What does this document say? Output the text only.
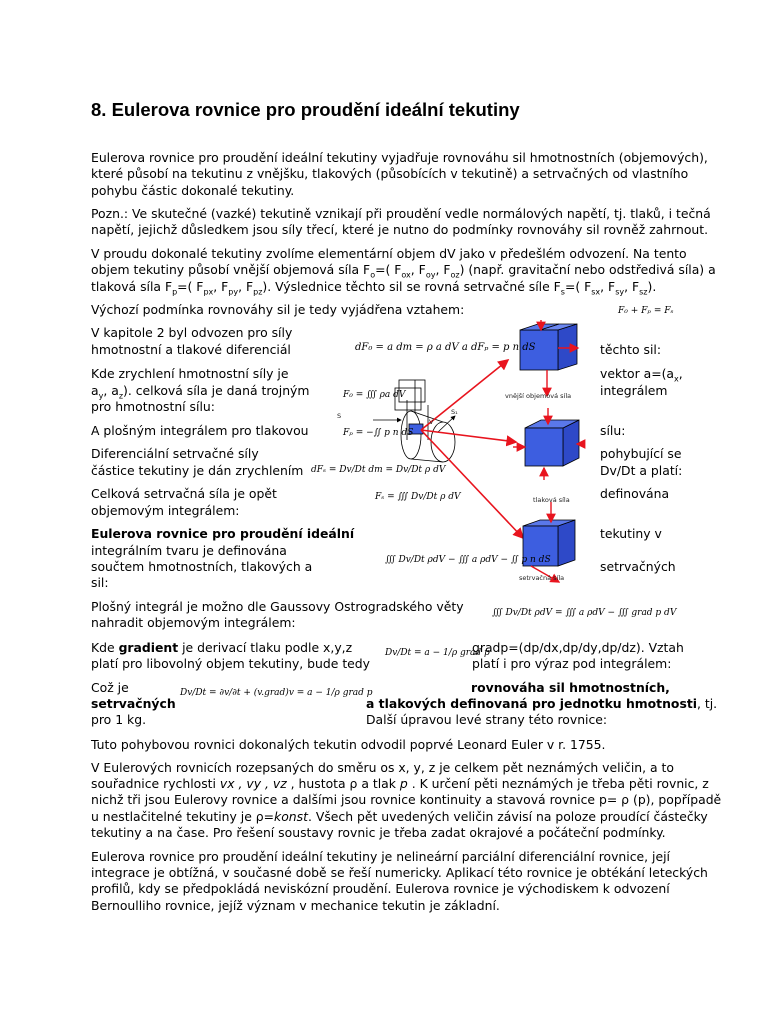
8. Eulerova rovnice pro proudění ideální tekutiny
Eulerova rovnice pro proudění ideální tekutiny vyjadřuje rovnováhu sil hmotnostních (objemových),
které působí na tekutinu z vnějšku, tlakových (působících v tekutině) a setrvačných od vlastního
pohybu částic dokonalé tekutiny.
Pozn.: Ve skutečné (vazké) tekutině vznikají při proudění vedle normálových napětí, tj. tlaků, i tečná
napětí, jejichž důsledkem jsou síly třecí, které je nutno do podmínky rovnováhy sil rovněž zahrnout.
V proudu dokonalé tekutiny zvolíme elementární objem dV jako v předešlém odvození. Na tento
objem tekutiny působí vnější objemová síla $F_o=$( $F_{ox}$, $F_{oy}$, $F_{oz}$) (např. gravitační nebo odstředivá síla) a
tlaková síla $F_p=$( $F_{px}$, $F_{py}$, $F_{pz}$). Výslednice těchto sil se rovná setrvačné síle $F_s=$( $F_{sx}$, $F_{sy}$, $F_{sz}$).
Výchozí podmínka rovnováhy sil je tedy vyjádřena vztahem:	F₀ + Fₚ = Fₛ
V kapitole 2 byl odvozen pro síly
hmotnostní a tlakové diferenciál
Kde zrychlení hmotnostní síly je
$a_y$, $a_z$). celková síla je daná trojným
pro hmotnostní sílu:
A plošným integrálem pro tlakovou
Diferenciální setrvačné síly
částice tekutiny je dán zrychlením
Celková setrvačná síla je opět
objemovým integrálem:
Eulerova rovnice pro proudění ideální
integrálním tvaru je definována
součtem hmotnostních, tlakových a
sil:
těchto sil:
vektor $a=(a_x$,
integrálem
sílu:
pohybující se
Dv/Dt a platí:
definována
tekutiny v
setrvačných
dF₀ = a dm = ρ a dV a dFₚ = p n dS
F₀ = ∭ ρa dV
Fₚ = −∬ p n dS
dFₛ = Dv/Dt dm = Dv/Dt ρ dV
Fₛ = ∭ Dv/Dt ρ dV
∭ Dv/Dt ρdV − ∭ a ρdV − ∬ p n dS
vnější objemová síla
tlaková síla
setrvačná síla
S	S₁
V
Plošný integrál je možno dle Gaussovy Ostrogradského věty
nahradit objemovým integrálem:
∭ Dv/Dt ρdV = ∭ a ρdV − ∭ grad p dV
Kde gradient je derivací tlaku podle x,y,z
platí pro libovolný objem tekutiny, bude tedy
gradp=(dp/dx,dp/dy,dp/dz). Vztah
platí i pro výraz pod integrálem:
Dv/Dt = a − 1/ρ grad p
Což je
setrvačných
pro 1 kg.
Dv/Dt = ∂v/∂t + (v.grad)v = a − 1/ρ grad p	rovnováha sil hmotnostních,
a tlakových definovaná pro jednotku hmotnosti, tj.
Další úpravou levé strany této rovnice:
Tuto pohybovou rovnici dokonalých tekutin odvodil poprvé Leonard Euler v r. 1755.
V Eulerových rovnicích rozepsaných do směru os x, y, z je celkem pět neznámých veličin, a to
souřadnice rychlosti vx , vy , vz , hustota ρ a tlak p . K určení pěti neznámých je třeba pěti rovnic, z
nichž tři jsou Eulerovy rovnice a dalšími jsou rovnice kontinuity a stavová rovnice p= ρ (p), popřípadě
u nestlačitelné tekutiny je ρ=konst. Všech pět uvedených veličin závisí na poloze proudící částečky
tekutiny a na čase. Pro řešení soustavy rovnic je třeba zadat okrajové a počáteční podmínky.
Eulerova rovnice pro proudění ideální tekutiny je nelineární parciální diferenciální rovnice, její
integrace je obtížná, v současné době se řeší numericky. Aplikací této rovnice je obtékání leteckých
profilů, kdy se předpokládá neviskózní proudění. Eulerova rovnice je východiskem k odvození
Bernoulliho rovnice, jejíž význam v mechanice tekutin je základní.
